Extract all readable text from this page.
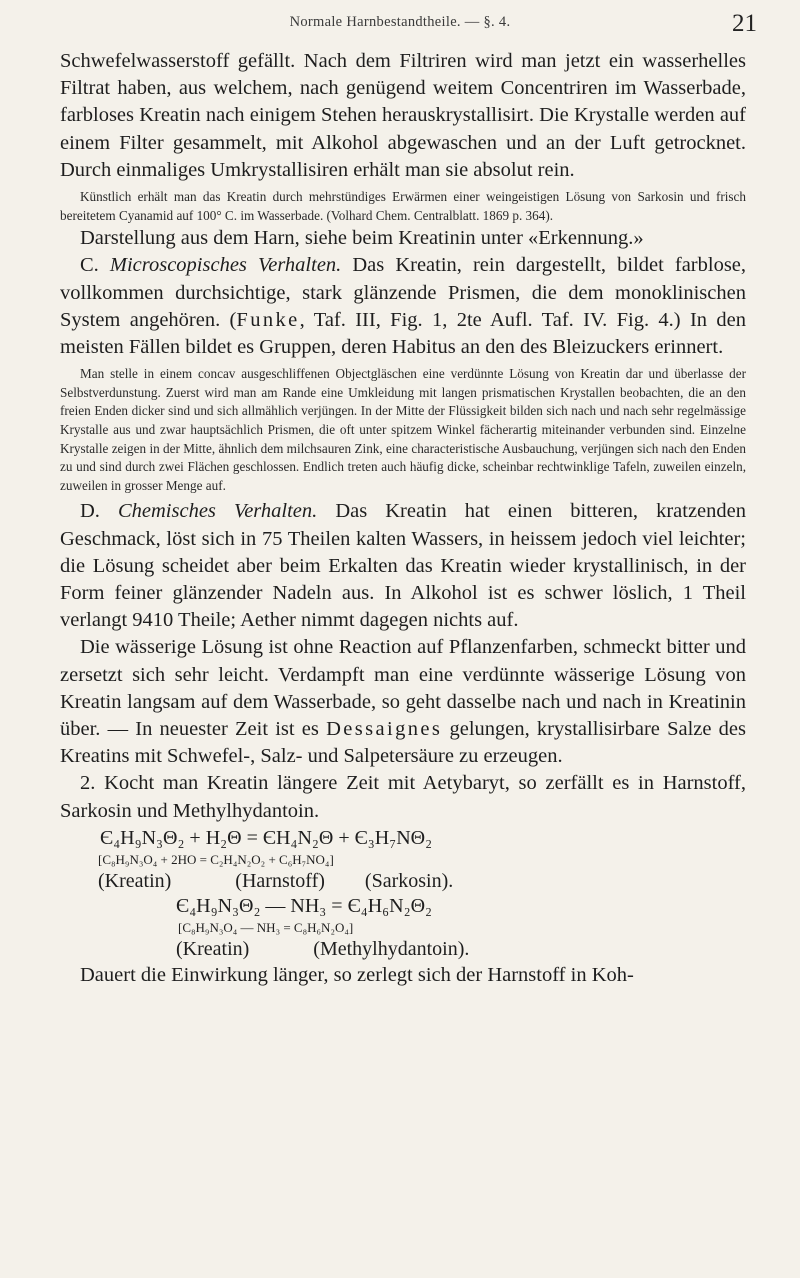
Normale Harnbestandtheile. — §. 4.	21

Schwefelwasserstoff gefällt. Nach dem Filtriren wird man jetzt ein wasserhelles Filtrat haben, aus welchem, nach genügend weitem Concentriren im Wasserbade, farbloses Kreatin nach einigem Stehen herauskrystallisirt. Die Krystalle werden auf einem Filter gesammelt, mit Alkohol abgewaschen und an der Luft getrocknet. Durch einmaliges Umkrystallisiren erhält man sie absolut rein.

Künstlich erhält man das Kreatin durch mehrstündiges Erwärmen einer weingeistigen Lösung von Sarkosin und frisch bereitetem Cyanamid auf 100° C. im Wasserbade. (Volhard Chem. Centralblatt. 1869 p. 364).

Darstellung aus dem Harn, siehe beim Kreatinin unter «Erkennung.»

C. Microscopisches Verhalten. Das Kreatin, rein dargestellt, bildet farblose, vollkommen durchsichtige, stark glänzende Prismen, die dem monoklinischen System angehören. (Funke, Taf. III, Fig. 1, 2te Aufl. Taf. IV. Fig. 4.) In den meisten Fällen bildet es Gruppen, deren Habitus an den des Bleizuckers erinnert.

Man stelle in einem concav ausgeschliffenen Objectgläschen eine verdünnte Lösung von Kreatin dar und überlasse der Selbstverdunstung. Zuerst wird man am Rande eine Umkleidung mit langen prismatischen Krystallen beobachten, die an den freien Enden dicker sind und sich allmählich verjüngen. In der Mitte der Flüssigkeit bilden sich nach und nach sehr regelmässige Krystalle aus und zwar hauptsächlich Prismen, die oft unter spitzem Winkel fächerartig miteinander verbunden sind. Einzelne Krystalle zeigen in der Mitte, ähnlich dem milchsauren Zink, eine characteristische Ausbauchung, verjüngen sich nach den Enden zu und sind durch zwei Flächen geschlossen. Endlich treten auch häufig dicke, scheinbar rechtwinklige Tafeln, zuweilen einzeln, zuweilen in grosser Menge auf.

D. Chemisches Verhalten. Das Kreatin hat einen bitteren, kratzenden Geschmack, löst sich in 75 Theilen kalten Wassers, in heissem jedoch viel leichter; die Lösung scheidet aber beim Erkalten das Kreatin wieder krystallinisch, in der Form feiner glänzender Nadeln aus. In Alkohol ist es schwer löslich, 1 Theil verlangt 9410 Theile; Aether nimmt dagegen nichts auf.

Die wässerige Lösung ist ohne Reaction auf Pflanzenfarben, schmeckt bitter und zersetzt sich sehr leicht. Verdampft man eine verdünnte wässerige Lösung von Kreatin langsam auf dem Wasserbade, so geht dasselbe nach und nach in Kreatinin über. — In neuester Zeit ist es Dessaignes gelungen, krystallisirbare Salze des Kreatins mit Schwefel-, Salz- und Salpetersäure zu erzeugen.

2. Kocht man Kreatin längere Zeit mit Aetybaryt, so zerfällt es in Harnstoff, Sarkosin und Methylhydantoin.

Є₄H₉N₃Θ₂ + H₂Θ = ЄH₄N₂Θ + Є₃H₇NΘ₂
[C₈H₉N₃O₄ + 2HO = C₂H₄N₂O₂ + C₆H₇NO₄]
(Kreatin)	(Harnstoff) (Sarkosin).
Є₄H₉N₃Θ₂ — NH₃ = Є₄H₆N₂Θ₂
[C₈H₉N₃O₄ — NH₃ = C₈H₆N₂O₄]
(Kreatin)	(Methylhydantoin).

Dauert die Einwirkung länger, so zerlegt sich der Harnstoff in Koh-
